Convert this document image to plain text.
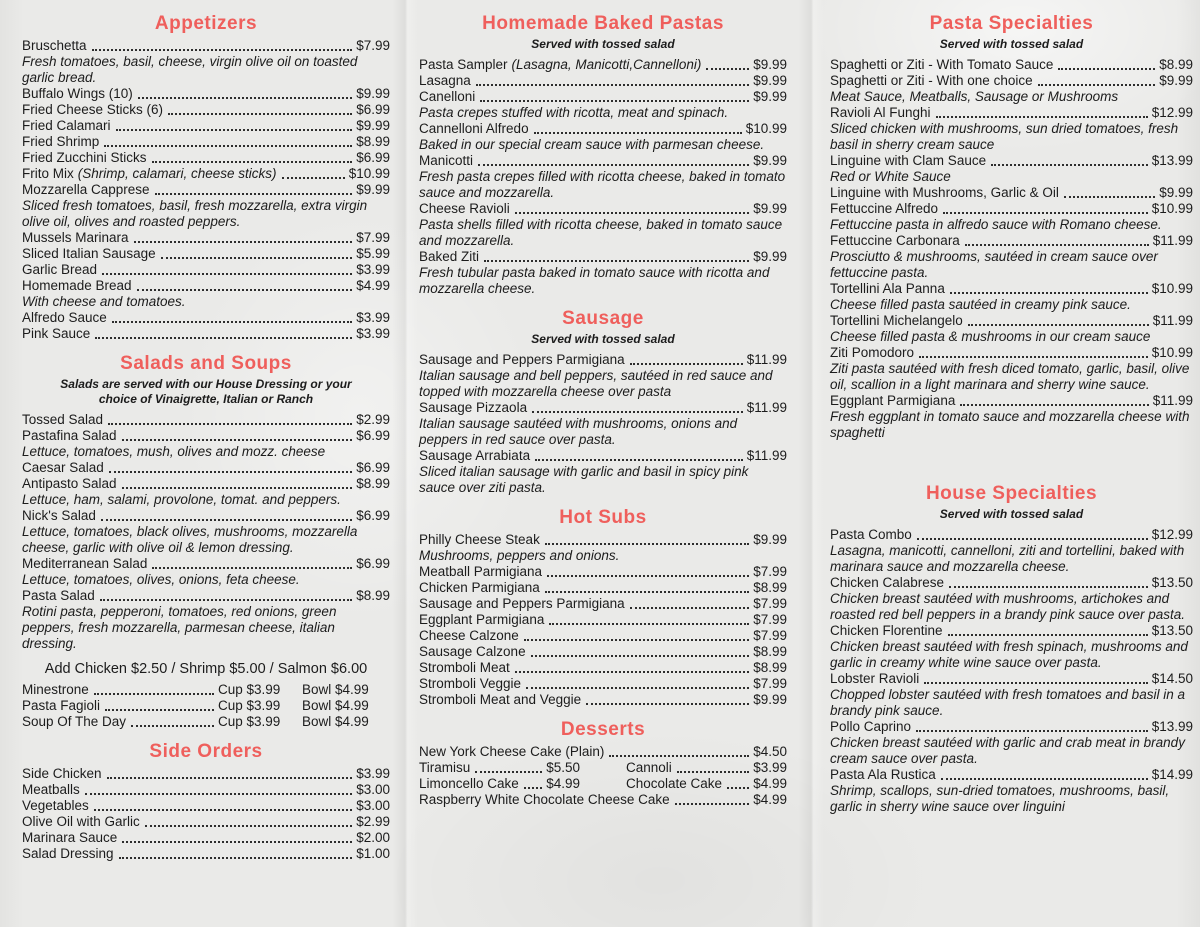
Appetizers
Bruschetta	$7.99
Fresh tomatoes, basil, cheese, virgin olive oil on toasted garlic bread.
Buffalo Wings (10)	$9.99
Fried Cheese Sticks (6)	$6.99
Fried Calamari	$9.99
Fried Shrimp	$8.99
Fried Zucchini Sticks	$6.99
Frito Mix (Shrimp, calamari, cheese sticks)	$10.99
Mozzarella Capprese	$9.99
Sliced fresh tomatoes, basil, fresh mozzarella, extra virgin olive oil, olives and roasted peppers.
Mussels Marinara	$7.99
Sliced Italian Sausage	$5.99
Garlic Bread	$3.99
Homemade Bread	$4.99
With cheese and tomatoes.
Alfredo Sauce	$3.99
Pink Sauce	$3.99
Salads and Soups
Salads are served with our House Dressing or your choice of Vinaigrette, Italian or Ranch
Tossed Salad	$2.99
Pastafina Salad	$6.99
Lettuce, tomatoes, mush, olives and mozz. cheese
Caesar Salad	$6.99
Antipasto Salad	$8.99
Lettuce, ham, salami, provolone, tomat. and peppers.
Nick's Salad	$6.99
Lettuce, tomatoes, black olives, mushrooms, mozzarella cheese, garlic with olive oil & lemon dressing.
Mediterranean Salad	$6.99
Lettuce, tomatoes, olives, onions, feta cheese.
Pasta Salad	$8.99
Rotini pasta, pepperoni, tomatoes, red onions, green peppers, fresh mozzarella, parmesan cheese, italian dressing.
Add Chicken $2.50 / Shrimp $5.00 / Salmon $6.00
Minestrone	Cup $3.99	Bowl $4.99
Pasta Fagioli	Cup $3.99	Bowl $4.99
Soup Of The Day	Cup $3.99	Bowl $4.99
Side Orders
Side Chicken	$3.99
Meatballs	$3.00
Vegetables	$3.00
Olive Oil with Garlic	$2.99
Marinara Sauce	$2.00
Salad Dressing	$1.00
Homemade Baked Pastas
Served with tossed salad
Pasta Sampler (Lasagna, Manicotti,Cannelloni)	$9.99
Lasagna	$9.99
Canelloni	$9.99
Pasta crepes stuffed with ricotta, meat and spinach.
Cannelloni Alfredo	$10.99
Baked in our special cream sauce with parmesan cheese.
Manicotti	$9.99
Fresh pasta crepes filled with ricotta cheese, baked in tomato sauce and mozzarella.
Cheese Ravioli	$9.99
Pasta shells filled with ricotta cheese, baked in tomato sauce and mozzarella.
Baked Ziti	$9.99
Fresh tubular pasta baked in tomato sauce with ricotta and mozzarella cheese.
Sausage
Served with tossed salad
Sausage and Peppers Parmigiana	$11.99
Italian sausage and bell peppers, sautéed in red sauce and topped with mozzarella cheese over pasta
Sausage Pizzaola	$11.99
Italian sausage sautéed with mushrooms, onions and peppers in red sauce over pasta.
Sausage Arrabiata	$11.99
Sliced italian sausage with garlic and basil in spicy pink sauce over ziti pasta.
Hot Subs
Philly Cheese Steak	$9.99
Mushrooms, peppers and onions.
Meatball Parmigiana	$7.99
Chicken Parmigiana	$8.99
Sausage and Peppers Parmigiana	$7.99
Eggplant Parmigiana	$7.99
Cheese Calzone	$7.99
Sausage Calzone	$8.99
Stromboli Meat	$8.99
Stromboli Veggie	$7.99
Stromboli Meat and Veggie	$9.99
Desserts
New York Cheese Cake (Plain)	$4.50
Tiramisu	$5.50	Cannoli	$3.99
Limoncello Cake $4.99	Chocolate Cake $4.99
Raspberry White Chocolate Cheese Cake	$4.99
Pasta Specialties
Served with tossed salad
Spaghetti or Ziti - With Tomato Sauce	$8.99
Spaghetti or Ziti - With one choice	$9.99
Meat Sauce, Meatballs, Sausage or Mushrooms
Ravioli Al Funghi	$12.99
Sliced chicken with mushrooms, sun dried tomatoes, fresh basil in sherry cream sauce
Linguine with Clam Sauce	$13.99
Red or White Sauce
Linguine with Mushrooms, Garlic & Oil	$9.99
Fettuccine Alfredo	$10.99
Fettuccine pasta in alfredo sauce with Romano cheese.
Fettuccine Carbonara	$11.99
Prosciutto & mushrooms, sautéed in cream sauce over fettuccine pasta.
Tortellini Ala Panna	$10.99
Cheese filled pasta sautéed in creamy pink sauce.
Tortellini Michelangelo	$11.99
Cheese filled pasta & mushrooms in our cream sauce
Ziti Pomodoro	$10.99
Ziti pasta sautéed with fresh diced tomato, garlic, basil, olive oil, scallion in a light marinara and sherry wine sauce.
Eggplant Parmigiana	$11.99
Fresh eggplant in tomato sauce and mozzarella cheese with spaghetti
House Specialties
Served with tossed salad
Pasta Combo	$12.99
Lasagna, manicotti, cannelloni, ziti and tortellini, baked with marinara sauce and mozzarella cheese.
Chicken Calabrese	$13.50
Chicken breast sautéed with mushrooms, artichokes and roasted red bell peppers in a brandy pink sauce over pasta.
Chicken Florentine	$13.50
Chicken breast sautéed with fresh spinach, mushrooms and garlic in creamy white wine sauce over pasta.
Lobster Ravioli	$14.50
Chopped lobster sautéed with fresh tomatoes and basil in a brandy pink sauce.
Pollo Caprino	$13.99
Chicken breast sautéed with garlic and crab meat in brandy cream sauce over pasta.
Pasta Ala Rustica	$14.99
Shrimp, scallops, sun-dried tomatoes, mushrooms, basil, garlic in sherry wine sauce over linguini
